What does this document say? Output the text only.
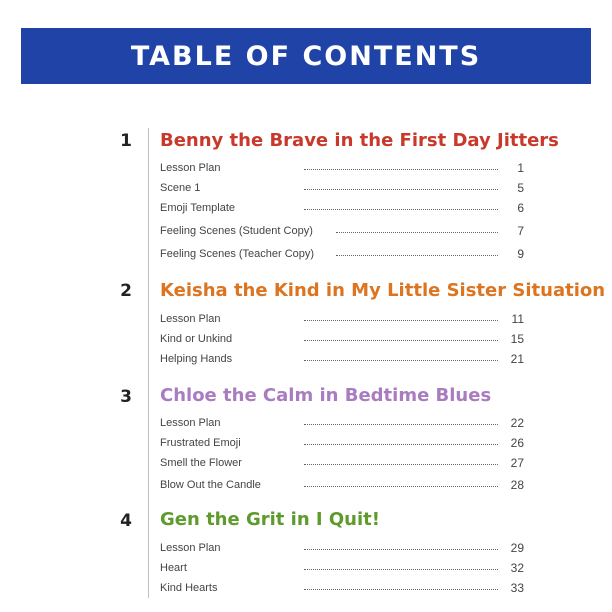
TABLE OF CONTENTS
1 Benny the Brave in the First Day Jitters
Lesson Plan	1
Scene 1	5
Emoji Template	6
Feeling Scenes (Student Copy)	7
Feeling Scenes (Teacher Copy)	9
2 Keisha the Kind in My Little Sister Situation
Lesson Plan	11
Kind or Unkind	15
Helping Hands	21
3 Chloe the Calm in Bedtime Blues
Lesson Plan	22
Frustrated Emoji	26
Smell the Flower	27
Blow Out the Candle	28
4 Gen the Grit in I Quit!
Lesson Plan	29
Heart	32
Kind Hearts	33
